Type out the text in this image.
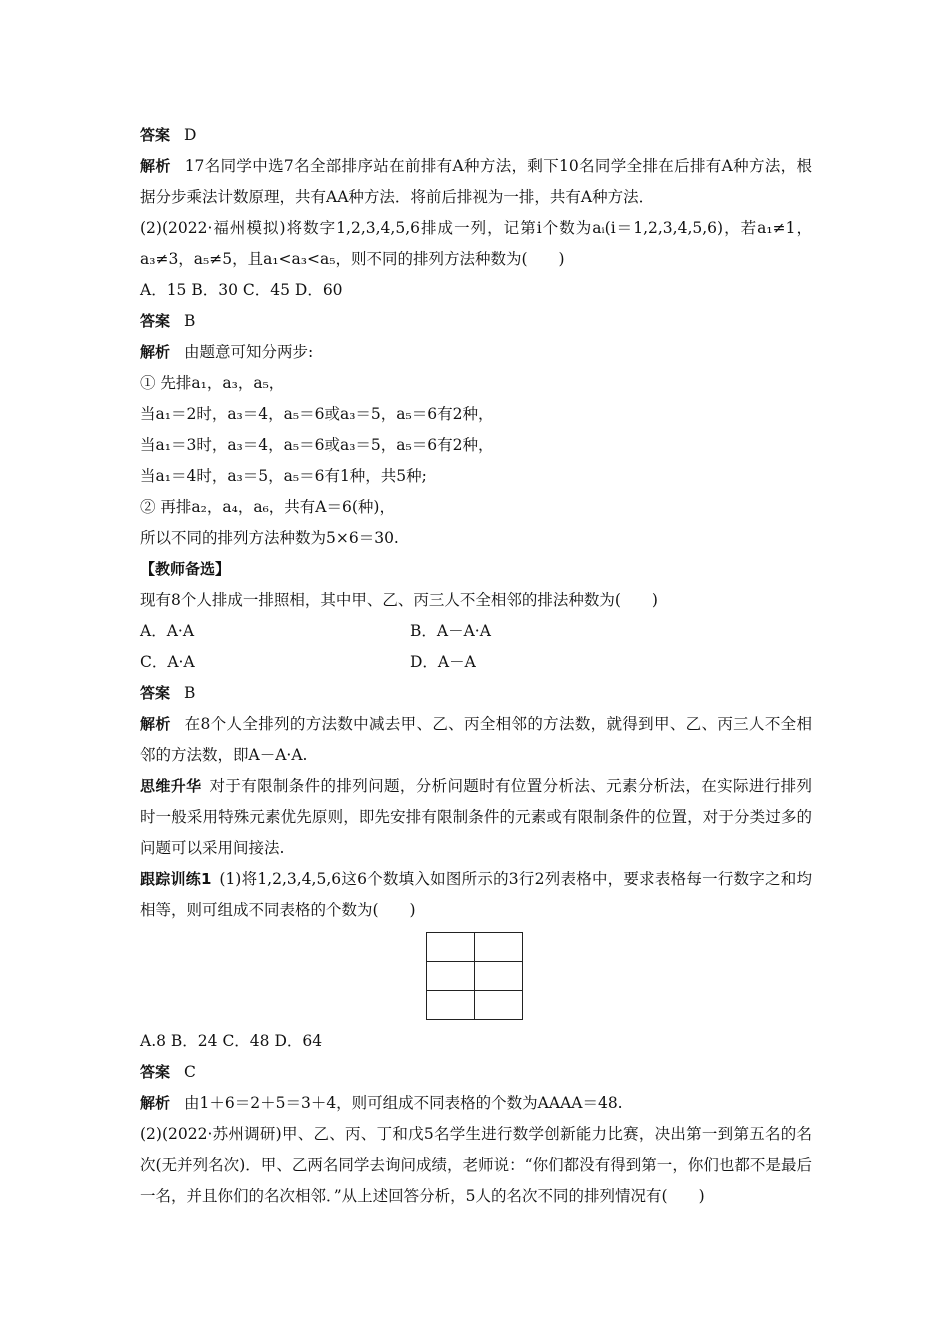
答案 D
解析 17名同学中选7名全部排序站在前排有A种方法，剩下10名同学全排在后排有A种方法，根据分步乘法计数原理，共有AA种方法．将前后排视为一排，共有A种方法．
(2)(2022·福州模拟)将数字1,2,3,4,5,6排成一列，记第i个数为aᵢ(i＝1,2,3,4,5,6)，若a₁≠1，a₃≠3，a₅≠5，且a₁<a₃<a₅，则不同的排列方法种数为(　　)
A．15 B．30 C．45 D．60
答案 B
解析 由题意可知分两步:
① 先排a₁，a₃，a₅，
当a₁＝2时，a₃＝4，a₅＝6或a₃＝5，a₅＝6有2种，
当a₁＝3时，a₃＝4，a₅＝6或a₃＝5，a₅＝6有2种，
当a₁＝4时，a₃＝5，a₅＝6有1种，共5种;
② 再排a₂，a₄，a₆，共有A＝6(种)，
所以不同的排列方法种数为5×6＝30.
【教师备选】
现有8个人排成一排照相，其中甲、乙、丙三人不全相邻的排法种数为(　　)
A．A·A	B．A－A·A
C．A·A	D．A－A
答案 B
解析 在8个人全排列的方法数中减去甲、乙、丙全相邻的方法数，就得到甲、乙、丙三人不全相邻的方法数，即A－A·A.
思维升华 对于有限制条件的排列问题，分析问题时有位置分析法、元素分析法，在实际进行排列时一般采用特殊元素优先原则，即先安排有限制条件的元素或有限制条件的位置，对于分类过多的问题可以采用间接法.
跟踪训练1 (1)将1,2,3,4,5,6这6个数填入如图所示的3行2列表格中，要求表格每一行数字之和均相等，则可组成不同表格的个数为(　　)

A.8 B．24 C．48 D．64
答案 C
解析 由1＋6＝2＋5＝3＋4，则可组成不同表格的个数为AAAA＝48.
(2)(2022·苏州调研)甲、乙、丙、丁和戊5名学生进行数学创新能力比赛，决出第一到第五名的名次(无并列名次)．甲、乙两名同学去询问成绩，老师说：“你们都没有得到第一，你们也都不是最后一名，并且你们的名次相邻．”从上述回答分析，5人的名次不同的排列情况有(　　)
